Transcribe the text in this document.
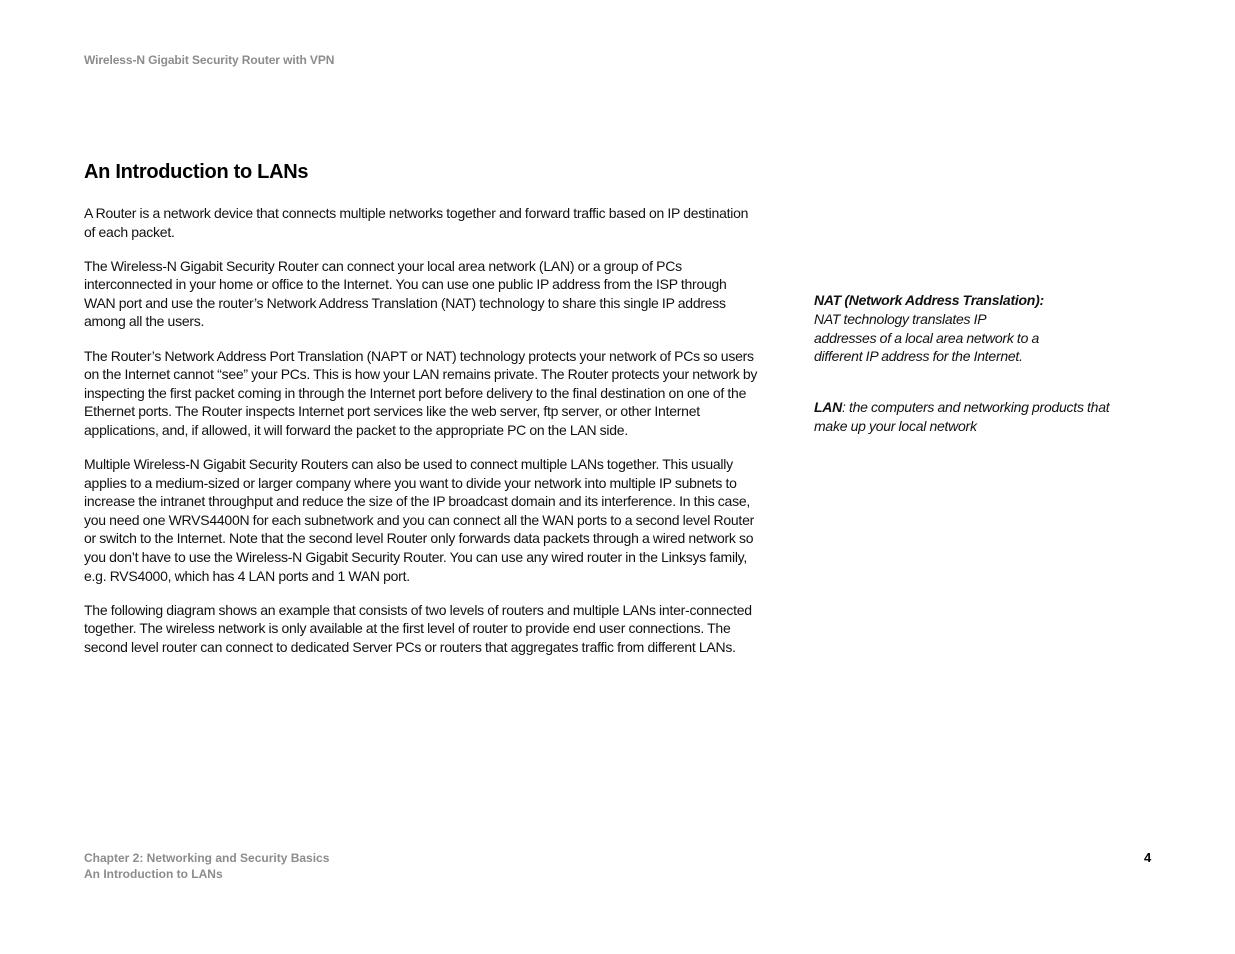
Wireless-N Gigabit Security Router with VPN
An Introduction to LANs

A Router is a network device that connects multiple networks together and forward traffic based on IP destination of each packet.

The Wireless-N Gigabit Security Router can connect your local area network (LAN) or a group of PCs interconnected in your home or office to the Internet. You can use one public IP address from the ISP through WAN port and use the router’s Network Address Translation (NAT) technology to share this single IP address among all the users.

The Router’s Network Address Port Translation (NAPT or NAT) technology protects your network of PCs so users on the Internet cannot “see” your PCs. This is how your LAN remains private. The Router protects your network by inspecting the first packet coming in through the Internet port before delivery to the final destination on one of the Ethernet ports. The Router inspects Internet port services like the web server, ftp server, or other Internet applications, and, if allowed, it will forward the packet to the appropriate PC on the LAN side.

Multiple Wireless-N Gigabit Security Routers can also be used to connect multiple LANs together. This usually applies to a medium-sized or larger company where you want to divide your network into multiple IP subnets to increase the intranet throughput and reduce the size of the IP broadcast domain and its interference. In this case, you need one WRVS4400N for each subnetwork and you can connect all the WAN ports to a second level Router or switch to the Internet. Note that the second level Router only forwards data packets through a wired network so you don’t have to use the Wireless-N Gigabit Security Router. You can use any wired router in the Linksys family, e.g. RVS4000, which has 4 LAN ports and 1 WAN port.

The following diagram shows an example that consists of two levels of routers and multiple LANs inter-connected together. The wireless network is only available at the first level of router to provide end user connections. The second level router can connect to dedicated Server PCs or routers that aggregates traffic from different LANs.

NAT (Network Address Translation):
NAT technology translates IP
addresses of a local area network to a
different IP address for the Internet.
LAN: the computers and networking products that make up your local network
Chapter 2: Networking and Security Basics
An Introduction to LANs
4
